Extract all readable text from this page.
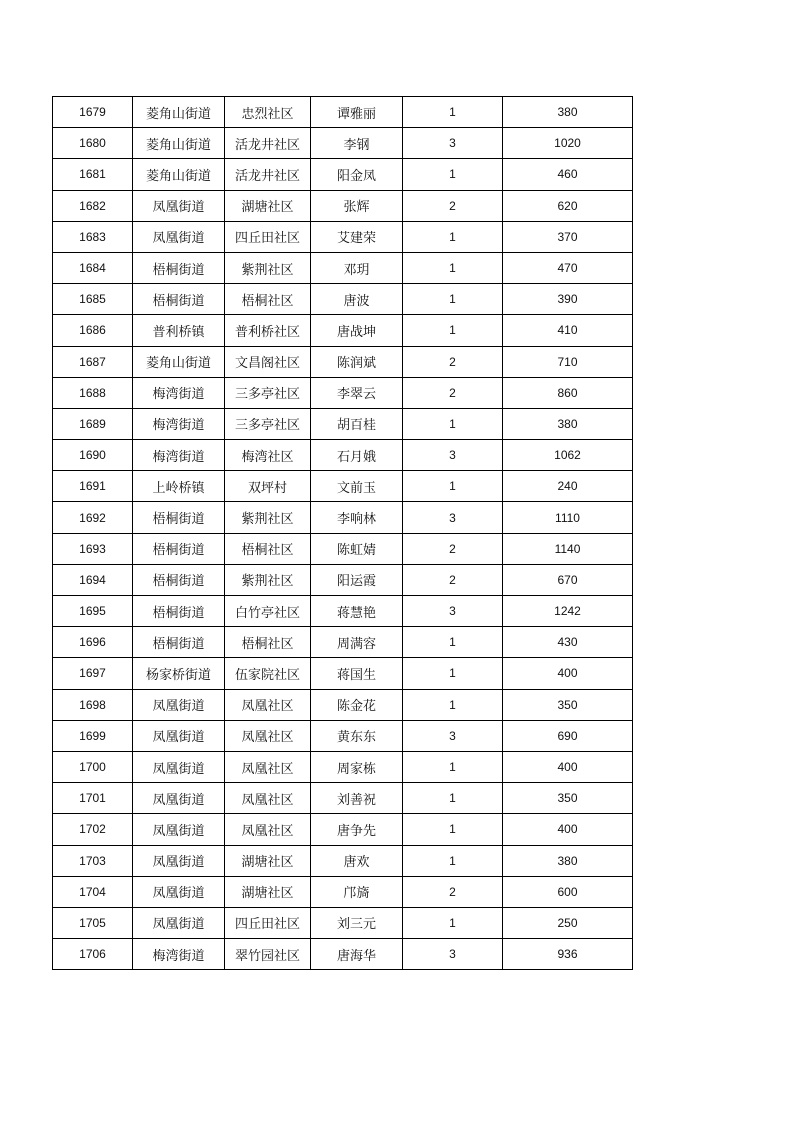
1679	菱角山街道	忠烈社区	谭雅丽	1	380
1680	菱角山街道	活龙井社区	李钢	3	1020
1681	菱角山街道	活龙井社区	阳金凤	1	460
1682	凤凰街道	湖塘社区	张辉	2	620
1683	凤凰街道	四丘田社区	艾建荣	1	370
1684	梧桐街道	紫荆社区	邓玥	1	470
1685	梧桐街道	梧桐社区	唐波	1	390
1686	普利桥镇	普利桥社区	唐战坤	1	410
1687	菱角山街道	文昌阁社区	陈润斌	2	710
1688	梅湾街道	三多亭社区	李翠云	2	860
1689	梅湾街道	三多亭社区	胡百桂	1	380
1690	梅湾街道	梅湾社区	石月娥	3	1062
1691	上岭桥镇	双坪村	文前玉	1	240
1692	梧桐街道	紫荆社区	李响林	3	1110
1693	梧桐街道	梧桐社区	陈虹婧	2	1140
1694	梧桐街道	紫荆社区	阳运霞	2	670
1695	梧桐街道	白竹亭社区	蒋慧艳	3	1242
1696	梧桐街道	梧桐社区	周满容	1	430
1697	杨家桥街道	伍家院社区	蒋国生	1	400
1698	凤凰街道	凤凰社区	陈金花	1	350
1699	凤凰街道	凤凰社区	黄东东	3	690
1700	凤凰街道	凤凰社区	周家栋	1	400
1701	凤凰街道	凤凰社区	刘善祝	1	350
1702	凤凰街道	凤凰社区	唐争先	1	400
1703	凤凰街道	湖塘社区	唐欢	1	380
1704	凤凰街道	湖塘社区	邝旖	2	600
1705	凤凰街道	四丘田社区	刘三元	1	250
1706	梅湾街道	翠竹园社区	唐海华	3	936
